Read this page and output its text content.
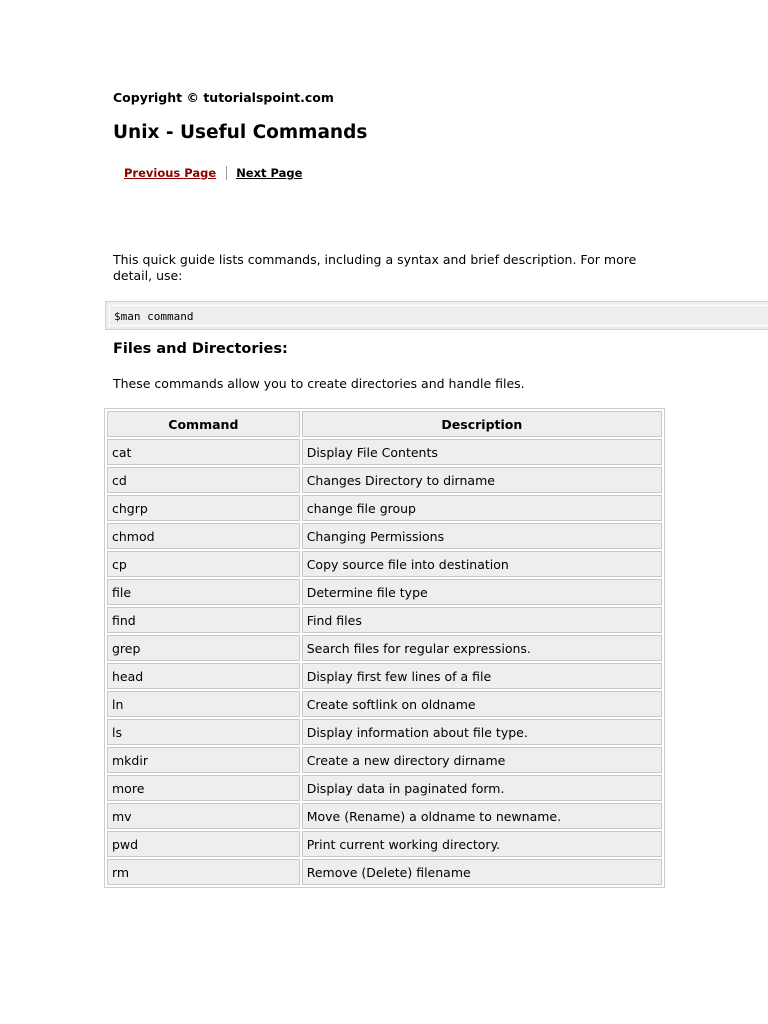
Copyright © tutorialspoint.com
Unix - Useful Commands
Previous Page Next Page

This quick guide lists commands, including a syntax and brief description. For more detail, use:

$man command
Files and Directories:

These commands allow you to create directories and handle files.

Command	Description
cat	Display File Contents
cd	Changes Directory to dirname
chgrp	change file group
chmod	Changing Permissions
cp	Copy source file into destination
file	Determine file type
find	Find files
grep	Search files for regular expressions.
head	Display first few lines of a file
ln	Create softlink on oldname
ls	Display information about file type.
mkdir	Create a new directory dirname
more	Display data in paginated form.
mv	Move (Rename) a oldname to newname.
pwd	Print current working directory.
rm	Remove (Delete) filename
